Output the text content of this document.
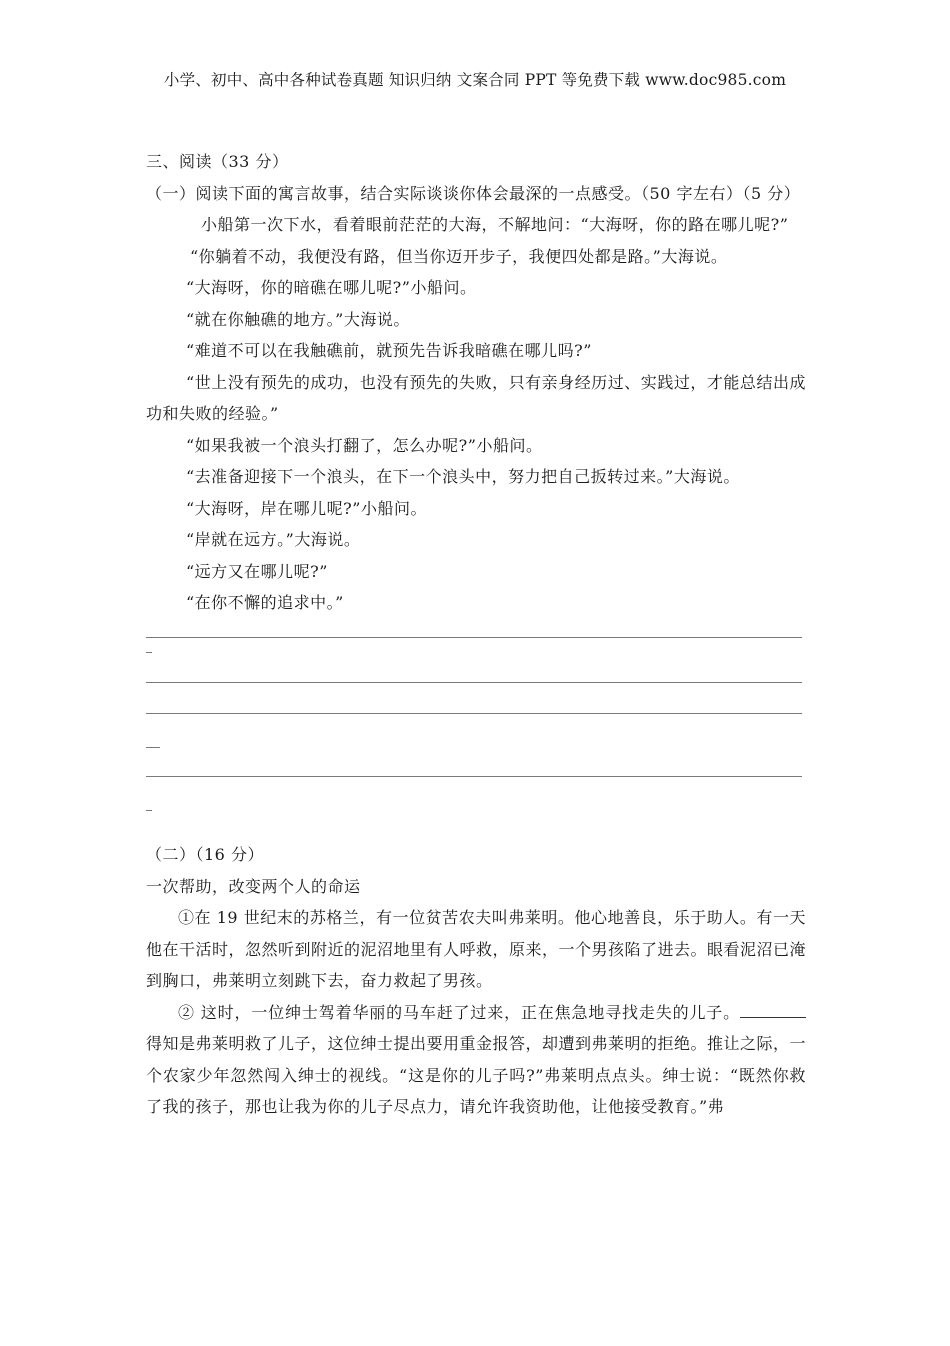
小学、初中、高中各种试卷真题 知识归纳 文案合同 PPT 等免费下载 www.doc985.com

三、阅读（33 分）

（一）阅读下面的寓言故事，结合实际谈谈你体会最深的一点感受。（50 字左右）（5 分）

小船第一次下水，看着眼前茫茫的大海，不解地问：“大海呀，你的路在哪儿呢?”

“你躺着不动，我便没有路，但当你迈开步子，我便四处都是路。”大海说。

“大海呀，你的暗礁在哪儿呢?”小船问。

“就在你触礁的地方。”大海说。

“难道不可以在我触礁前，就预先告诉我暗礁在哪儿吗?”

“世上没有预先的成功，也没有预先的失败，只有亲身经历过、实践过，才能总结出成功和失败的经验。”

“如果我被一个浪头打翻了，怎么办呢?”小船问。

“去准备迎接下一个浪头，在下一个浪头中，努力把自己扳转过来。”大海说。

“大海呀，岸在哪儿呢?”小船问。

“岸就在远方。”大海说。

“远方又在哪儿呢?”

“在你不懈的追求中。”

（二）（16 分）

一次帮助，改变两个人的命运

①在 19 世纪末的苏格兰，有一位贫苦农夫叫弗莱明。他心地善良，乐于助人。有一天他在干活时，忽然听到附近的泥沼地里有人呼救，原来，一个男孩陷了进去。眼看泥沼已淹到胸口，弗莱明立刻跳下去，奋力救起了男孩。

② 这时，一位绅士驾着华丽的马车赶了过来，正在焦急地寻找走失的儿子。得知是弗莱明救了儿子，这位绅士提出要用重金报答，却遭到弗莱明的拒绝。推让之际，一个农家少年忽然闯入绅士的视线。“这是你的儿子吗?”弗莱明点点头。绅士说：“既然你救了我的孩子，那也让我为你的儿子尽点力，请允许我资助他，让他接受教育。”弗
